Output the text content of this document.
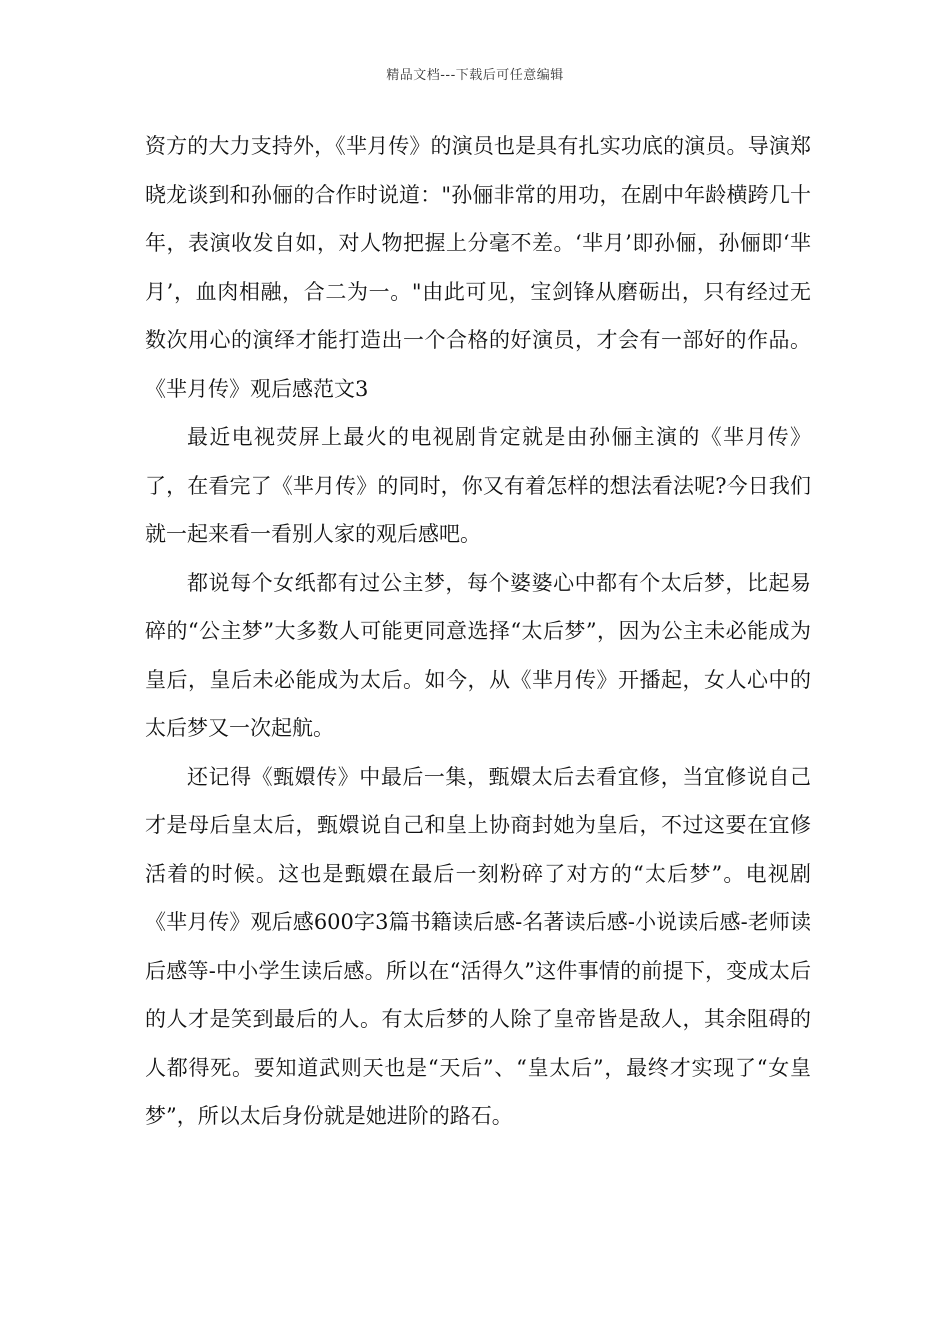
精品文档---下载后可任意编辑

资方的大力支持外，《芈月传》的演员也是具有扎实功底的演员。导演郑晓龙谈到和孙俪的合作时说道："孙俪非常的用功，在剧中年龄横跨几十年，表演收发自如，对人物把握上分毫不差。‘芈月’即孙俪，孙俪即‘芈月’，血肉相融，合二为一。"由此可见，宝剑锋从磨砺出，只有经过无数次用心的演绎才能打造出一个合格的好演员，才会有一部好的作品。《芈月传》观后感范文3

最近电视荧屏上最火的电视剧肯定就是由孙俪主演的《芈月传》了，在看完了《芈月传》的同时，你又有着怎样的想法看法呢?今日我们就一起来看一看别人家的观后感吧。

都说每个女纸都有过公主梦，每个婆婆心中都有个太后梦，比起易碎的“公主梦”大多数人可能更同意选择“太后梦”，因为公主未必能成为皇后，皇后未必能成为太后。如今，从《芈月传》开播起，女人心中的太后梦又一次起航。

还记得《甄嬛传》中最后一集，甄嬛太后去看宜修，当宜修说自己才是母后皇太后，甄嬛说自己和皇上协商封她为皇后，不过这要在宜修活着的时候。这也是甄嬛在最后一刻粉碎了对方的“太后梦”。电视剧《芈月传》观后感600字3篇书籍读后感-名著读后感-小说读后感-老师读后感等-中小学生读后感。所以在“活得久”这件事情的前提下，变成太后的人才是笑到最后的人。有太后梦的人除了皇帝皆是敌人，其余阻碍的人都得死。要知道武则天也是“天后”、“皇太后”，最终才实现了“女皇梦”，所以太后身份就是她进阶的路石。
